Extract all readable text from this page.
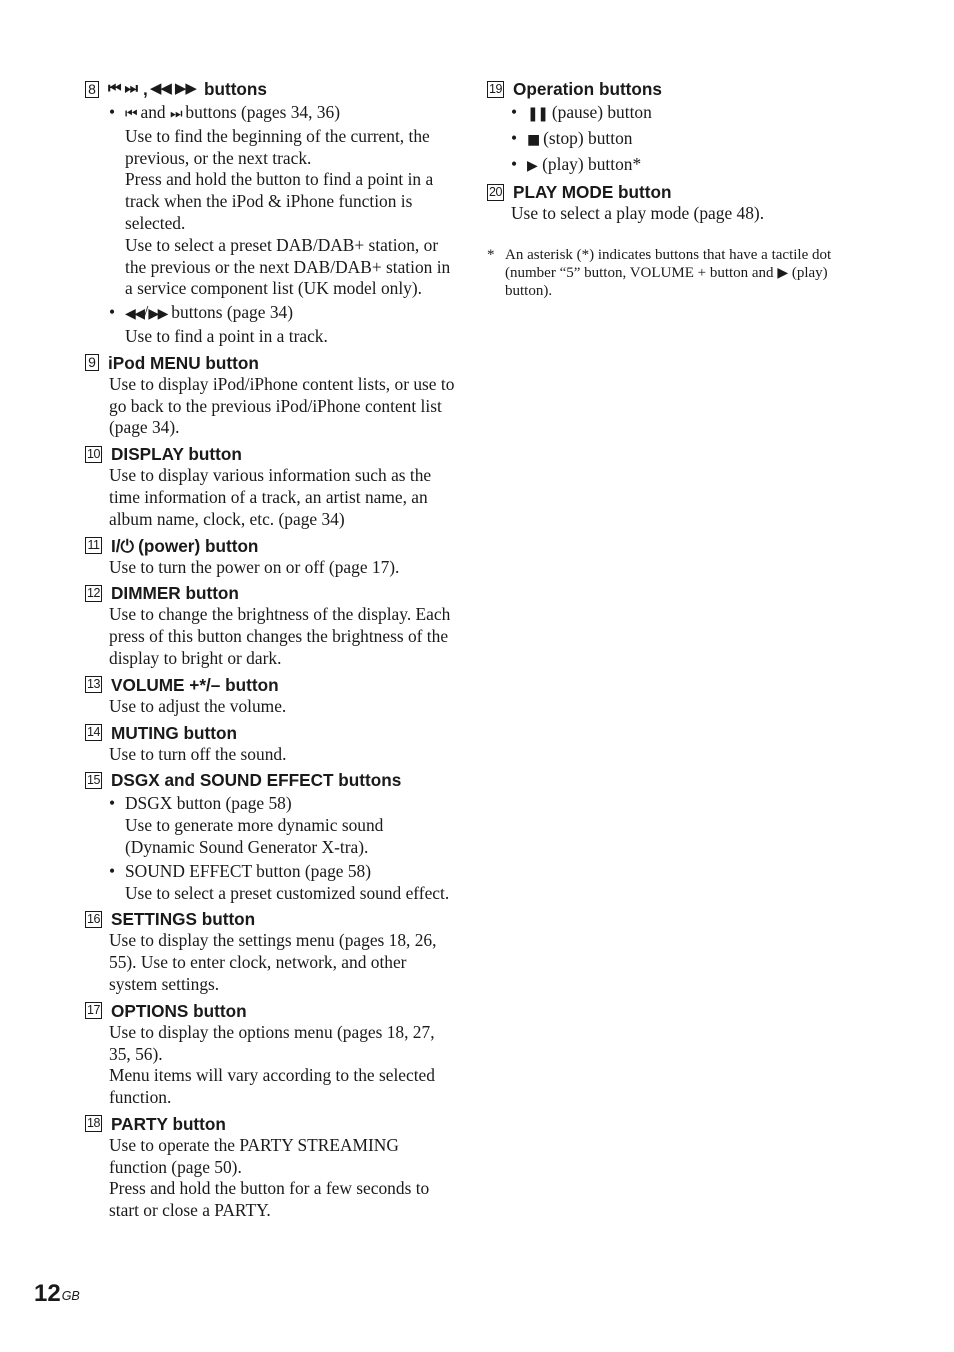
8 ⏮ ⏭ , ◀◀ ▶▶ buttons
• ⏮ and ⏭ buttons (pages 34, 36)

Use to find the beginning of the current, the previous, or the next track.

Press and hold the button to find a point in a track when the iPod & iPhone function is selected.

Use to select a preset DAB/DAB+ station, or the previous or the next DAB/DAB+ station in a service component list (UK model only).

• ◀◀/▶▶ buttons (page 34)

Use to find a point in a track.

9 iPod MENU button

Use to display iPod/iPhone content lists, or use to go back to the previous iPod/iPhone content list (page 34).

10 DISPLAY button

Use to display various information such as the time information of a track, an artist name, an album name, clock, etc. (page 34)

11 I/⏻ (power) button

Use to turn the power on or off (page 17).

12 DIMMER button

Use to change the brightness of the display. Each press of this button changes the brightness of the display to bright or dark.

13 VOLUME +*/– button

Use to adjust the volume.

14 MUTING button

Use to turn off the sound.

15 DSGX and SOUND EFFECT buttons
• DSGX button (page 58)

Use to generate more dynamic sound (Dynamic Sound Generator X-tra).

• SOUND EFFECT button (page 58)

Use to select a preset customized sound effect.

16 SETTINGS button

Use to display the settings menu (pages 18, 26, 55). Use to enter clock, network, and other system settings.

17 OPTIONS button

Use to display the options menu (pages 18, 27, 35, 56).

Menu items will vary according to the selected function.

18 PARTY button

Use to operate the PARTY STREAMING function (page 50).

Press and hold the button for a few seconds to start or close a PARTY.

19 Operation buttons
• ❚❚ (pause) button
• ■ (stop) button
• ▶ (play) button*
20 PLAY MODE button

Use to select a play mode (page 48).

* An asterisk (*) indicates buttons that have a tactile dot (number “5” button, VOLUME + button and ▶ (play) button).
$12^{GB}$
